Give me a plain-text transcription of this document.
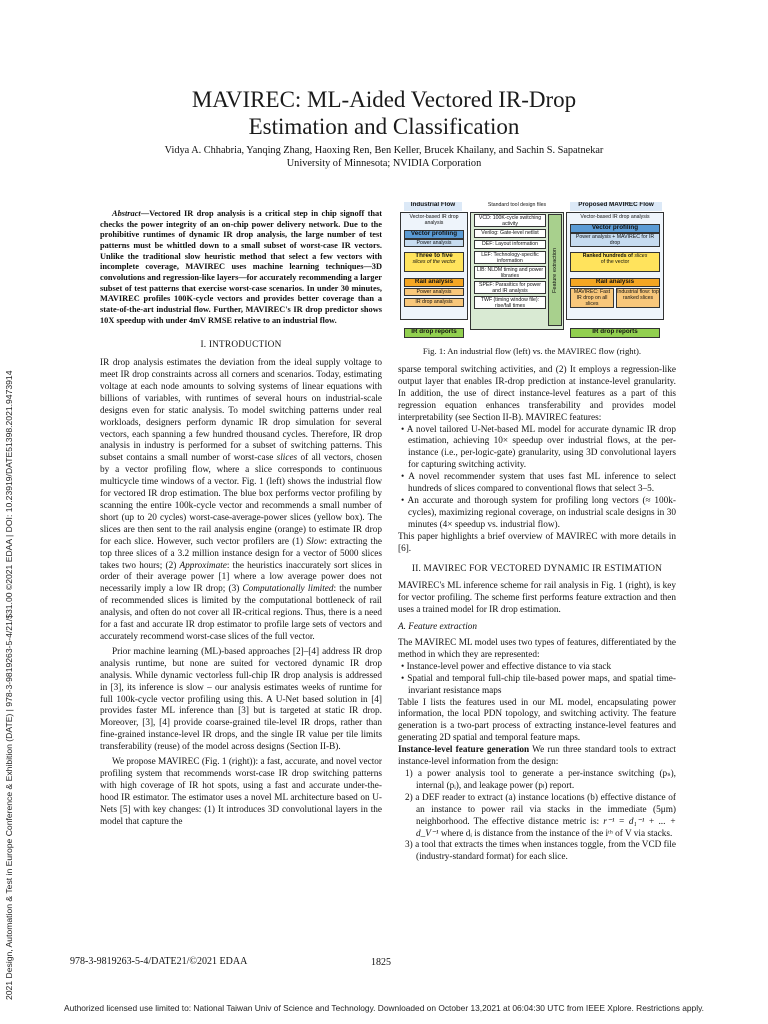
2021 Design, Automation & Test in Europe Conference & Exhibition (DATE) | 978-3-9819263-5-4/21/$31.00 ©2021 EDAA | DOI: 10.23919/DATE51398.2021.9473914
MAVIREC: ML-Aided Vectored IR-Drop
Estimation and Classification
Vidya A. Chhabria, Yanqing Zhang, Haoxing Ren, Ben Keller, Brucek Khailany, and Sachin S. Sapatnekar
University of Minnesota; NVIDIA Corporation

Abstract—Vectored IR drop analysis is a critical step in chip signoff that checks the power integrity of an on-chip power delivery network. Due to the prohibitive runtimes of dynamic IR drop analysis, the large number of test patterns must be whittled down to a small subset of worst-case IR vectors. Unlike the traditional slow heuristic method that select a few vectors with incomplete coverage, MAVIREC uses machine learning techniques—3D convolutions and regression-like layers—for accurately recommending a larger subset of test patterns that exercise worst-case scenarios. In under 30 minutes, MAVIREC profiles 100K-cycle vectors and provides better coverage than a state-of-the-art industrial flow. Further, MAVIREC's IR drop predictor shows 10X speedup with under 4mV RMSE relative to an industrial flow.

I. INTRODUCTION

IR drop analysis estimates the deviation from the ideal supply voltage to meet IR drop constraints across all corners and scenarios. Today, estimating voltage at each node amounts to solving systems of linear equations with billions of variables, with runtimes of several hours on industrial-scale designs even for static analysis. To model switching patterns under real workloads, designers perform dynamic IR drop simulation for several vectors, each spanning a few hundred thousand cycles. Therefore, IR drop analysis in industry is performed for a subset of switching patterns. This subset contains a small number of worst-case slices of all vectors, chosen by a vector profiling flow, where a slice corresponds to continuous multicycle time windows of a vector. Fig. 1 (left) shows the industrial flow for vectored IR drop estimation. The blue box performs vector profiling by scanning the entire 100k-cycle vector and recommends a small number of short (up to 20 cycles) worst-case-average-power slices (yellow box). The slices are then sent to the rail analysis engine (orange) to estimate IR drop for each slice. However, such vector profilers are (1) Slow: extracting the top three slices of a 3.2 million instance design for a vector of 5000 slices takes two hours; (2) Approximate: the heuristics inaccurately sort slices in order of their average power [1] where a low average power does not necessarily imply a low IR drop; (3) Computationally limited: the number of recommended slices is limited by the computational bottleneck of rail analysis, and often do not cover all IR-critical regions. Thus, there is a need for a fast and accurate IR drop estimator to profile large sets of vectors and accurately recommend worst-case slices of the full vector.

Prior machine learning (ML)-based approaches [2]–[4] address IR drop analysis runtime, but none are suited for vectored dynamic IR drop analysis. While dynamic vectorless full-chip IR drop analysis is addressed in [3], its inference is slow – our analysis estimates weeks of runtime for full 100k-cycle vector profiling using this. A U-Net based solution in [4] provides faster ML inference than [3] but is targeted at static IR drop. Moreover, [3], [4] provide coarse-grained tile-level IR drops, rather than fine-grained instance-level IR drops, and the single IR value per tile limits transferability (reuse) of the model across designs (Section II-B).

We propose MAVIREC (Fig. 1 (right)): a fast, accurate, and novel vector profiling system that recommends worst-case IR drop switching patterns with high coverage of IR hot spots, using a fast and accurate under-the-hood IR estimator. The estimator uses a novel ML architecture based on U-Nets [5] with key changes: (1) It introduces 3D convolutional layers in the model that capture the

Industrial Flow
Vector-based IR drop analysis
Vector profiling
Power analysis
Three to five
slices of the vector
Rail analysis
Power analysis
IR drop analysis
IR drop reports
Standard tool design files
VCD: 100K-cycle switching activity
Verilog: Gate-level netlist
DEF: Layout information
LEF: Technology-specific information
LIB: NLDM timing and power libraries
SPEF: Parasitics for power and IR analysis
TWF (timing window file): rise/fall times
Feature extraction
Proposed MAVIREC Flow
Vector-based IR drop analysis
Vector profiling
Power analysis + MAVIREC for IR drop
Ranked hundreds of slices
of the vector
Rail analysis
MAVIREC: Fast IR drop on all slices
Industrial flow: top ranked slices
IR drop reports
Fig. 1: An industrial flow (left) vs. the MAVIREC flow (right).

sparse temporal switching activities, and (2) It employs a regression-like output layer that enables IR-drop prediction at instance-level granularity. In addition, the use of direct instance-level features as a part of this regression equation enhances transferability and provides model interpretability (see Section II-B). MAVIREC features:

• A novel tailored U-Net-based ML model for accurate dynamic IR drop estimation, achieving 10× speedup over industrial flows, at the per-instance (i.e., per-logic-gate) granularity, using 3D convolutional layers for capturing switching activity.

• A novel recommender system that uses fast ML inference to select hundreds of slices compared to conventional flows that select 3–5.

• An accurate and thorough system for profiling long vectors (≈ 100k-cycles), maximizing regional coverage, on industrial scale designs in 30 minutes (4× speedup vs. industrial flow).

This paper highlights a brief overview of MAVIREC with more details in [6].

II. MAVIREC FOR VECTORED DYNAMIC IR ESTIMATION

MAVIREC's ML inference scheme for rail analysis in Fig. 1 (right), is key for vector profiling. The scheme first performs feature extraction and then uses a trained model for IR drop estimation.

A. Feature extraction

The MAVIREC ML model uses two types of features, differentiated by the method in which they are represented:

• Instance-level power and effective distance to via stack

• Spatial and temporal full-chip tile-based power maps, and spatial time-invariant resistance maps

Table I lists the features used in our ML model, encapsulating power information, the local PDN topology, and switching activity. The feature generation is a two-part process of extracting instance-level features and generating 2D spatial and temporal feature maps.

Instance-level feature generation We run three standard tools to extract instance-level information from the design:

1) a power analysis tool to generate a per-instance switching (pₛ), internal (pᵢ), and leakage power (pₗ) report.

2) a DEF reader to extract (a) instance locations (b) effective distance of an instance to power rail via stacks in the immediate (5μm) neighborhood. The effective distance metric is: r⁻¹ = d₁⁻¹ + ... + d_V⁻¹ where dᵢ is distance from the instance of the iᵗʰ of V via stacks.

3) a tool that extracts the times when instances toggle, from the VCD file (industry-standard format) for each slice.

978-3-9819263-5-4/DATE21/©2021 EDAA	1825
Authorized licensed use limited to: National Taiwan Univ of Science and Technology. Downloaded on October 13,2021 at 06:04:30 UTC from IEEE Xplore. Restrictions apply.
